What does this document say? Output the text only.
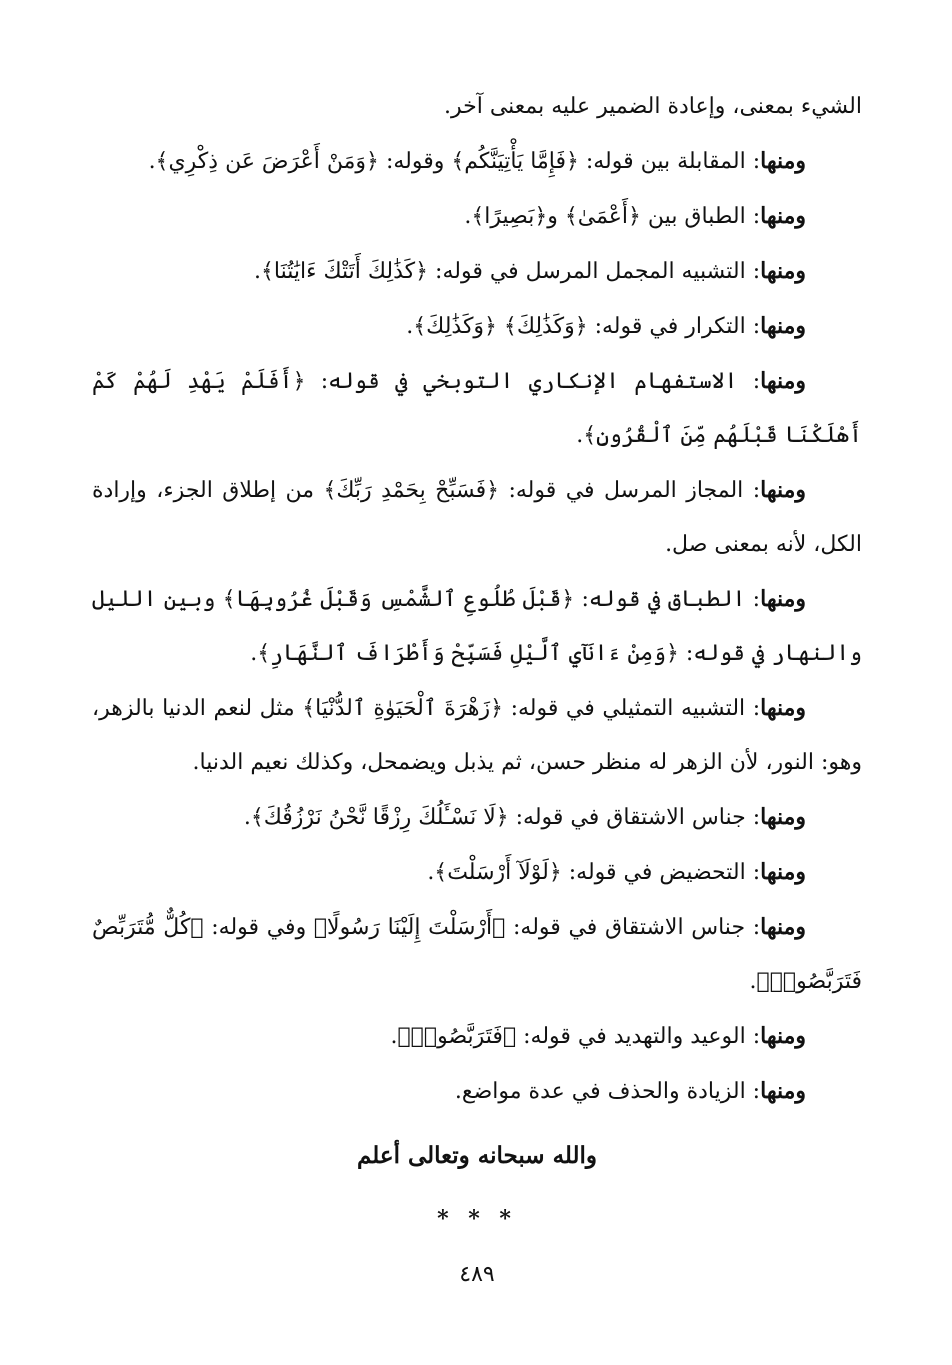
الشيء بمعنى، وإعادة الضمير عليه بمعنى آخر.

ومنها: المقابلة بين قوله: ﴿فَإِمَّا يَأْتِيَنَّكُم﴾ وقوله: ﴿وَمَنْ أَعْرَضَ عَن ذِكْرِي﴾.

ومنها: الطباق بين ﴿أَعْمَىٰ﴾ و﴿بَصِيرًا﴾.

ومنها: التشبيه المجمل المرسل في قوله: ﴿كَذَٰلِكَ أَتَتْكَ ءَايَٰتُنَا﴾.

ومنها: التكرار في قوله: ﴿وَكَذَٰلِكَ﴾ ﴿وَكَذَٰلِكَ﴾.

ومنها: الاستفهام الإنكاري التوبخي في قوله: ﴿أَفَلَمْ يَهْدِ لَهُمْ كَمْ أَهْلَكْنَا قَبْلَهُم مِّنَ ٱلْقُرُونِ﴾.

ومنها: المجاز المرسل في قوله: ﴿فَسَبِّحْ بِحَمْدِ رَبِّكَ﴾ من إطلاق الجزء، وإرادة الكل، لأنه بمعنى صل.

ومنها: الطباق في قوله: ﴿قَبْلَ طُلُوعِ ٱلشَّمْسِ وَقَبْلَ غُرُوبِهَا﴾ وبين الليل والنهار في قوله: ﴿وَمِنْ ءَانَآيِ ٱلَّيْلِ فَسَبِّحْ وَأَطْرَافَ ٱلنَّهَارِ﴾.

ومنها: التشبيه التمثيلي في قوله: ﴿زَهْرَةَ ٱلْحَيَوٰةِ ٱلدُّنْيَا﴾ مثل لنعم الدنيا بالزهر، وهو: النور، لأن الزهر له منظر حسن، ثم يذبل ويضمحل، وكذلك نعيم الدنيا.

ومنها: جناس الاشتقاق في قوله: ﴿لَا نَسْـَٔلُكَ رِزْقًا نَّحْنُ نَرْزُقُكَ﴾.

ومنها: التحضيض في قوله: ﴿لَوْلَآ أَرْسَلْتَ﴾.

ومنها: جناس الاشتقاق في قوله: ﴿أَرْسَلْتَ إِلَيْنَا رَسُولًا﴾ وفي قوله: ﴿كُلٌّ مُّتَرَبِّصٌ فَتَرَبَّصُوا۟﴾.

ومنها: الوعيد والتهديد في قوله: ﴿فَتَرَبَّصُوا۟﴾.

ومنها: الزيادة والحذف في عدة مواضع.

والله سبحانه وتعالى أعلم
* * *
٤٨٩
